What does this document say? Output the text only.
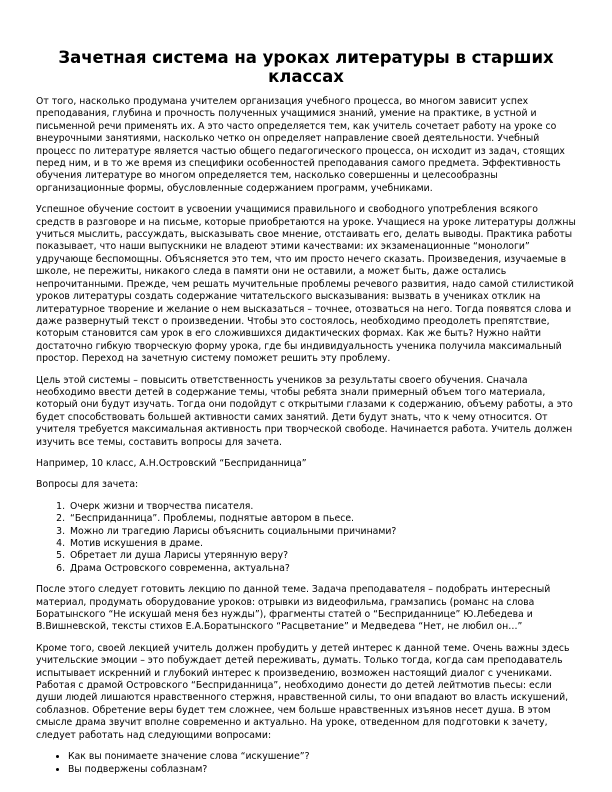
Зачетная система на уроках литературы в старших классах

От того, насколько продумана учителем организация учебного процесса, во многом зависит успех преподавания, глубина и прочность полученных учащимися знаний, умение на практике, в устной и письменной речи применять их. А это часто определяется тем, как учитель сочетает работу на уроке со внеурочными занятиями, насколько четко он определяет направление своей деятельности. Учебный процесс по литературе является частью общего педагогического процесса, он исходит из задач, стоящих перед ним, и в то же время из специфики особенностей преподавания самого предмета. Эффективность обучения литературе во многом определяется тем, насколько совершенны и целесообразны организационные формы, обусловленные содержанием программ, учебниками.

Успешное обучение состоит в усвоении учащимися правильного и свободного употребления всякого средств в разговоре и на письме, которые приобретаются на уроке. Учащиеся на уроке литературы должны учиться мыслить, рассуждать, высказывать свое мнение, отстаивать его, делать выводы. Практика работы показывает, что наши выпускники не владеют этими качествами: их экзаменационные “монологи” удручающе беспомощны. Объясняется это тем, что им просто нечего сказать. Произведения, изучаемые в школе, не пережиты, никакого следа в памяти они не оставили, а может быть, даже остались непрочитанными. Прежде, чем решать мучительные проблемы речевого развития, надо самой стилистикой уроков литературы создать содержание читательского высказывания: вызвать в учениках отклик на литературное творение и желание о нем высказаться – точнее, отозваться на него. Тогда появятся слова и даже развернутый текст о произведении. Чтобы это состоялось, необходимо преодолеть препятствие, которым становится сам урок в его сложившихся дидактических формах. Как же быть? Нужно найти достаточно гибкую творческую форму урока, где бы индивидуальность ученика получила максимальный простор. Переход на зачетную систему поможет решить эту проблему.

Цель этой системы – повысить ответственность учеников за результаты своего обучения. Сначала необходимо ввести детей в содержание темы, чтобы ребята знали примерный объем того материала, который они будут изучать. Тогда они подойдут с открытыми глазами к содержанию, объему работы, а это будет способствовать большей активности самих занятий. Дети будут знать, что к чему относится. От учителя требуется максимальная активность при творческой свободе. Начинается работа. Учитель должен изучить все темы, составить вопросы для зачета.

Например, 10 класс, А.Н.Островский “Бесприданница”

Вопросы для зачета:

1. Очерк жизни и творчества писателя.
2. “Бесприданница”. Проблемы, поднятые автором в пьесе.
3. Можно ли трагедию Ларисы объяснить социальными причинами?
4. Мотив искушения в драме.
5. Обретает ли душа Ларисы утерянную веру?
6. Драма Островского современна, актуальна?

После этого следует готовить лекцию по данной теме. Задача преподавателя – подобрать интересный материал, продумать оборудование уроков: отрывки из видеофильма, грамзапись (романс на слова Боратынского “Не искушай меня без нужды”), фрагменты статей о “Бесприданнице” Ю.Лебедева и В.Вишневской, тексты стихов Е.А.Боратынского “Расцветание” и Медведева “Нет, не любил он…”

Кроме того, своей лекцией учитель должен пробудить у детей интерес к данной теме. Очень важны здесь учительские эмоции – это побуждает детей переживать, думать. Только тогда, когда сам преподаватель испытывает искренний и глубокий интерес к произведению, возможен настоящий диалог с учениками. Работая с драмой Островского “Бесприданница”, необходимо донести до детей лейтмотив пьесы: если души людей лишаются нравственного стержня, нравственной силы, то они впадают во власть искушений, соблазнов. Обретение веры будет тем сложнее, чем больше нравственных изъянов несет душа. В этом смысле драма звучит вполне современно и актуально. На уроке, отведенном для подготовки к зачету, следует работать над следующими вопросами:

• Как вы понимаете значение слова “искушение”?
• Вы подвержены соблазнам?
